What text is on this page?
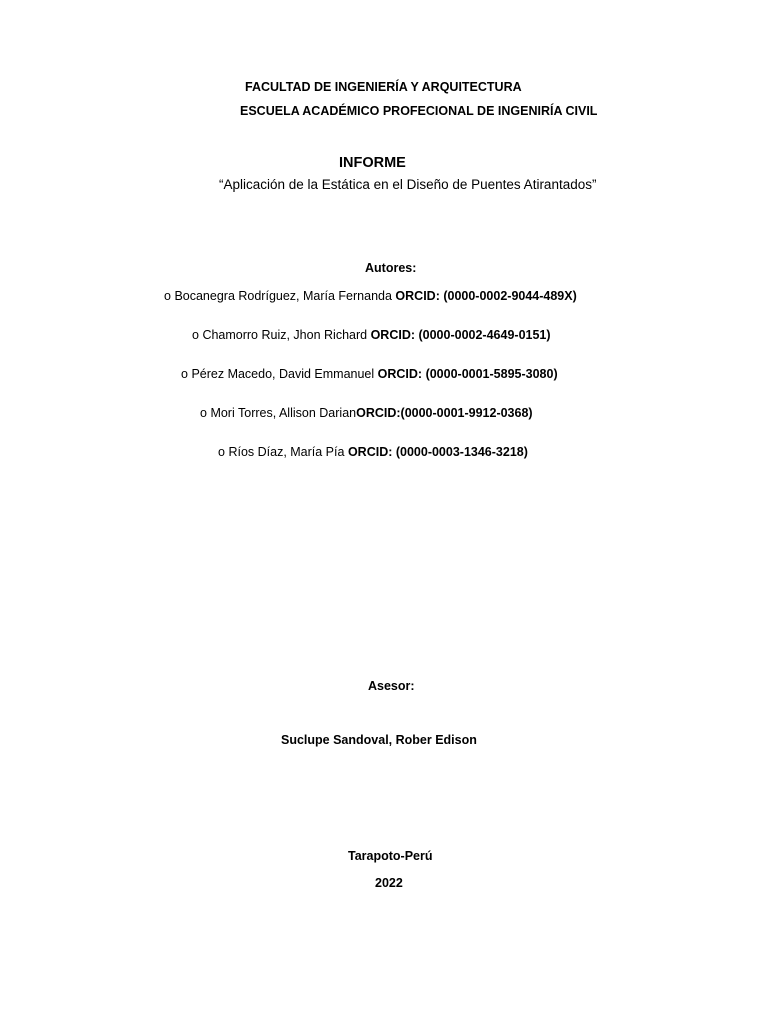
FACULTAD DE INGENIERÍA Y ARQUITECTURA
ESCUELA ACADÉMICO PROFECIONAL DE INGENIRÍA CIVIL
INFORME
“Aplicación de la Estática en el Diseño de Puentes Atirantados”
Autores:
o Bocanegra Rodríguez, María Fernanda ORCID: (0000-0002-9044-489X)
o Chamorro Ruiz, Jhon Richard ORCID: (0000-0002-4649-0151)
o Pérez Macedo, David Emmanuel ORCID: (0000-0001-5895-3080)
o Mori Torres, Allison DarianORCID:(0000-0001-9912-0368)
o Ríos Díaz, María Pía ORCID: (0000-0003-1346-3218)
Asesor:
Suclupe Sandoval, Rober Edison
Tarapoto-Perú
2022
